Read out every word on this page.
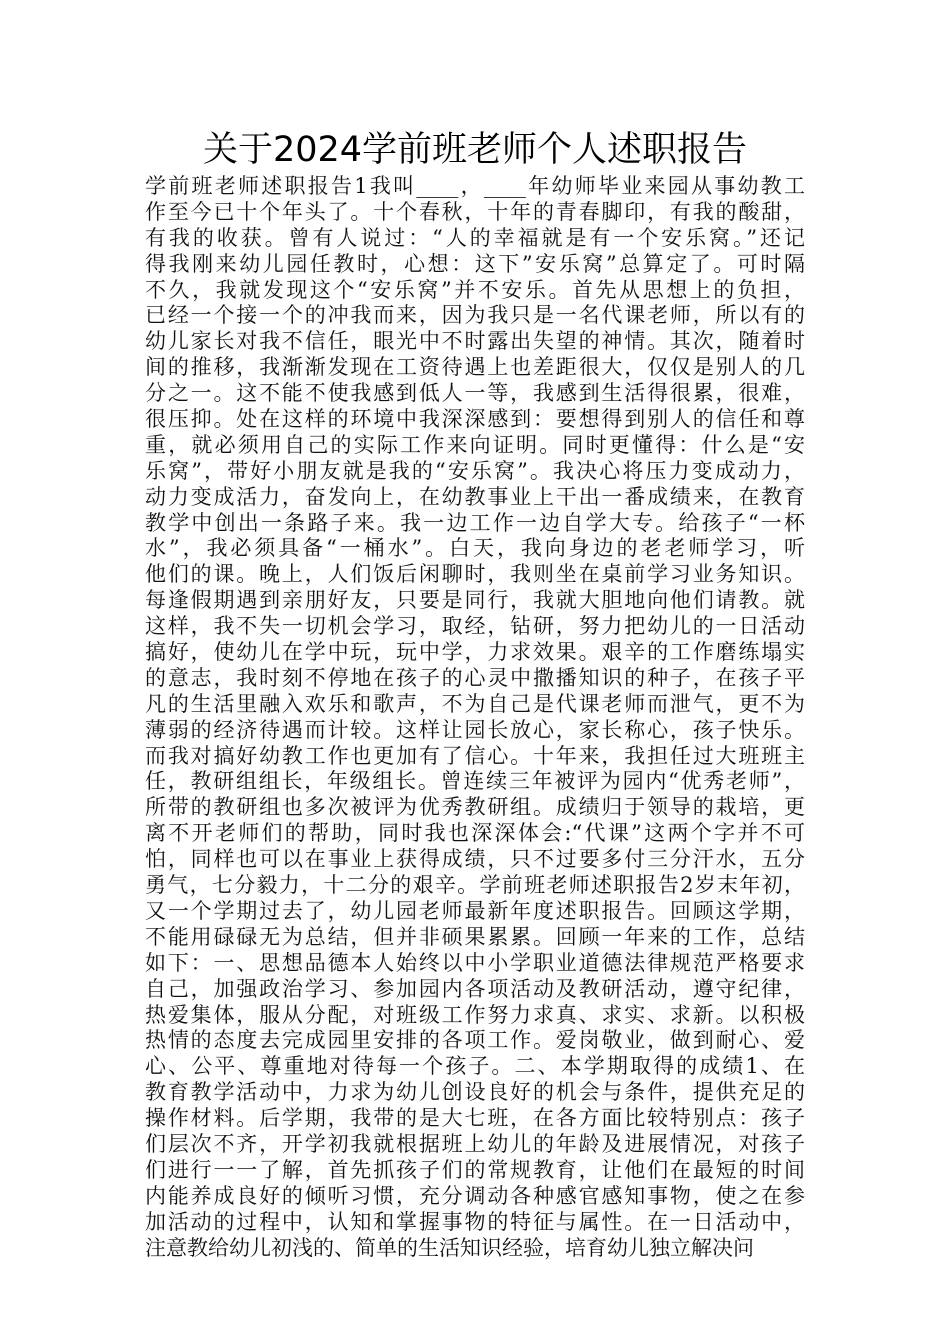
关于2024学前班老师个人述职报告
学前班老师述职报告1我叫____，____年幼师毕业来园从事幼教工
作至今已十个年头了。十个春秋，十年的青春脚印，有我的酸甜，
有我的收获。曾有人说过：“人的幸福就是有一个安乐窝。”还记
得我刚来幼儿园任教时，心想：这下”安乐窝”总算定了。可时隔
不久，我就发现这个“安乐窝”并不安乐。首先从思想上的负担，
已经一个接一个的冲我而来，因为我只是一名代课老师，所以有的
幼儿家长对我不信任，眼光中不时露出失望的神情。其次，随着时
间的推移，我渐渐发现在工资待遇上也差距很大，仅仅是别人的几
分之一。这不能不使我感到低人一等，我感到生活得很累，很难，
很压抑。处在这样的环境中我深深感到：要想得到别人的信任和尊
重，就必须用自己的实际工作来向证明。同时更懂得：什么是“安
乐窝”，带好小朋友就是我的“安乐窝”。我决心将压力变成动力，
动力变成活力，奋发向上，在幼教事业上干出一番成绩来，在教育
教学中创出一条路子来。我一边工作一边自学大专。给孩子“一杯
水”，我必须具备“一桶水”。白天，我向身边的老老师学习，听
他们的课。晚上，人们饭后闲聊时，我则坐在桌前学习业务知识。
每逢假期遇到亲朋好友，只要是同行，我就大胆地向他们请教。就
这样，我不失一切机会学习，取经，钻研，努力把幼儿的一日活动
搞好，使幼儿在学中玩，玩中学，力求效果。艰辛的工作磨练塌实
的意志，我时刻不停地在孩子的心灵中撒播知识的种子，在孩子平
凡的生活里融入欢乐和歌声，不为自己是代课老师而泄气，更不为
薄弱的经济待遇而计较。这样让园长放心，家长称心，孩子快乐。
而我对搞好幼教工作也更加有了信心。十年来，我担任过大班班主
任，教研组组长，年级组长。曾连续三年被评为园内“优秀老师”，
所带的教研组也多次被评为优秀教研组。成绩归于领导的栽培，更
离不开老师们的帮助，同时我也深深体会:“代课”这两个字并不可
怕，同样也可以在事业上获得成绩，只不过要多付三分汗水，五分
勇气，七分毅力，十二分的艰辛。学前班老师述职报告2岁末年初，
又一个学期过去了，幼儿园老师最新年度述职报告。回顾这学期，
不能用碌碌无为总结，但并非硕果累累。回顾一年来的工作，总结
如下：一、思想品德本人始终以中小学职业道德法律规范严格要求
自己，加强政治学习、参加园内各项活动及教研活动，遵守纪律，
热爱集体，服从分配，对班级工作努力求真、求实、求新。以积极
热情的态度去完成园里安排的各项工作。爱岗敬业，做到耐心、爱
心、公平、尊重地对待每一个孩子。二、本学期取得的成绩1、在
教育教学活动中，力求为幼儿创设良好的机会与条件，提供充足的
操作材料。后学期，我带的是大七班，在各方面比较特别点：孩子
们层次不齐，开学初我就根据班上幼儿的年龄及进展情况，对孩子
们进行一一了解，首先抓孩子们的常规教育，让他们在最短的时间
内能养成良好的倾听习惯，充分调动各种感官感知事物，使之在参
加活动的过程中，认知和掌握事物的特征与属性。在一日活动中，
注意教给幼儿初浅的、简单的生活知识经验，培育幼儿独立解决问
